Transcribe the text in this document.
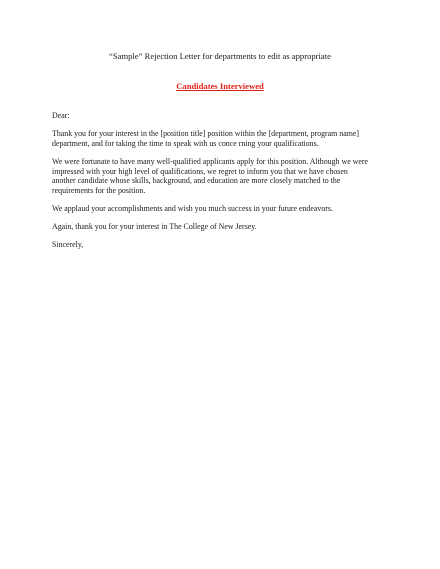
“Sample” Rejection Letter for departments to edit as appropriate
Candidates Interviewed

Dear:

Thank you for your interest in the [position title] position within the [department, program name]
department, and for taking the time to speak with us conce rning your qualifications.

We were fortunate to have many well-qualified applicants apply for this position. Although we were
impressed with your high level of qualifications, we regret to inform you that we have chosen
another candidate whose skills, background, and education are more closely matched to the
requirements for the position.

We applaud your accomplishments and wish you much success in your future endeavors.

Again, thank you for your interest in The College of New Jersey.

Sincerely,
